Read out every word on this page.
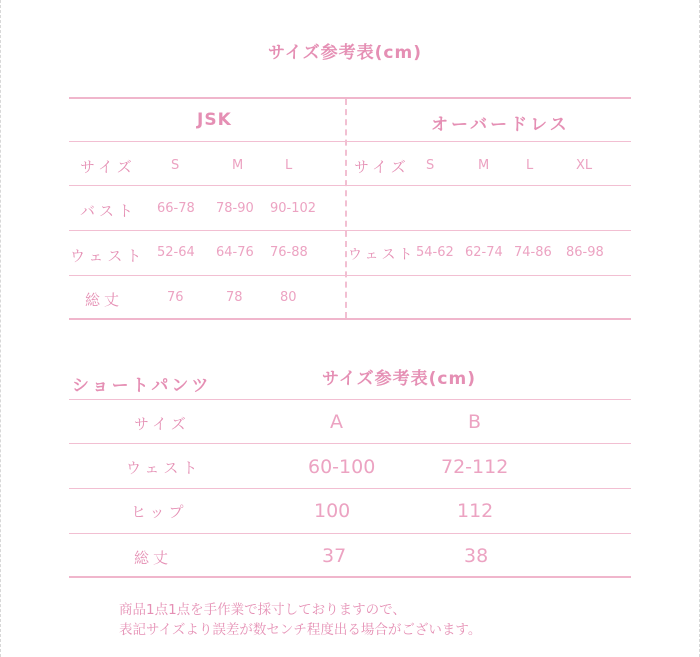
サイズ参考表(cm)
JSK
サイズ	S	M	L
バスト 66-78 78-90 90-102
ウェスト 52-64 64-76 76-88
総丈	76	78	80
オーバードレス
サイズ S	M	L	XL
ウェスト 54-62 62-74 74-86 86-98
ショートパンツ	サイズ参考表(cm)
サイズ	A	B
ウェスト	60-100	72-112
ヒップ	100	112
総丈	37	38
商品1点1点を手作業で採寸しておりますので、
表記サイズより誤差が数センチ程度出る場合がございます。
